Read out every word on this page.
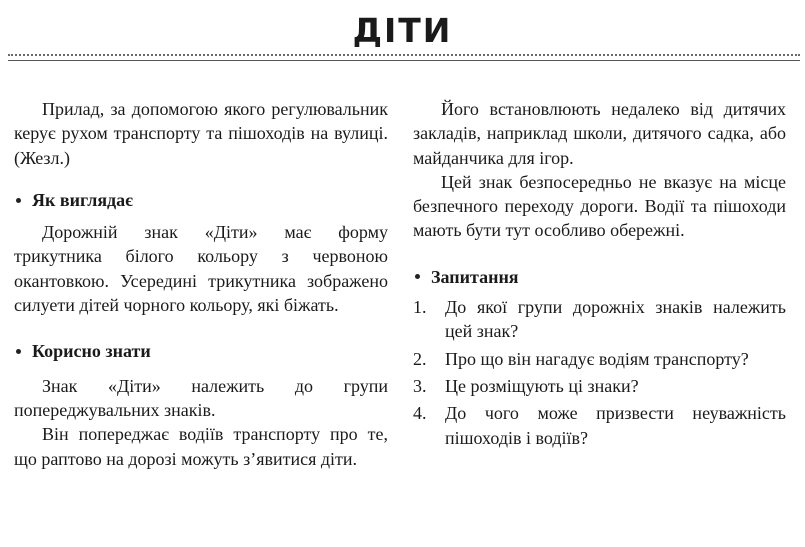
ДІТИ

Прилад, за допомогою якого регулювальник керує рухом транспорту та пішоходів на вулиці. (Жезл.)

Як виглядає

Дорожній знак «Діти» має форму трикутника білого кольору з червоною окантовкою. Усередині трикутника зображено силуети дітей чорного кольору, які біжать.

Корисно знати

Знак «Діти» належить до групи попереджувальних знаків.

Він попереджає водіїв транспорту про те, що раптово на дорозі можуть з’явитися діти.

Його встановлюють недалеко від дитячих закладів, наприклад школи, дитячого садка, або майданчика для ігор.

Цей знак безпосередньо не вказує на місце безпечного переходу дороги. Водії та пішоходи мають бути тут особливо обережні.

Запитання
1.	До якої групи дорожніх знаків належить цей знак?
2.	Про що він нагадує водіям транспорту?
3.	Це розміщують ці знаки?
4.	До чого може призвести неуважність пішоходів і водіїв?
